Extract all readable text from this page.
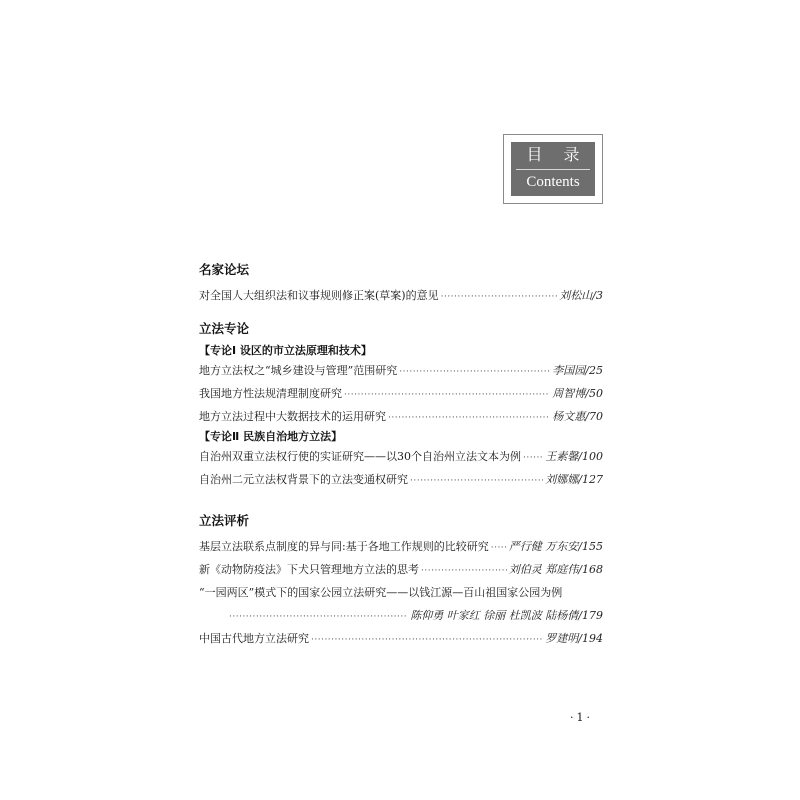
目 录
Contents
名家论坛
对全国人大组织法和议事规则修正案(草案)的意见 ·····	刘松山/3
立法专论
【专论Ⅰ 设区的市立法原理和技术】
地方立法权之“城乡建设与管理”范围研究 ·····	李国园/25
我国地方性法规清理制度研究 ·····	周智博/50
地方立法过程中大数据技术的运用研究 ·····	杨文惠/70
【专论Ⅱ 民族自治地方立法】
自治州双重立法权行使的实证研究——以30个自治州立法文本为例 ····· 王素馨/100
自治州二元立法权背景下的立法变通权研究 ·····	刘娜娜/127
立法评析
基层立法联系点制度的异与同:基于各地工作规则的比较研究 ····· 严行健 万东安/155
新《动物防疫法》下犬只管理地方立法的思考 ·····	刘伯灵 郑庭伟/168
“一园两区”模式下的国家公园立法研究——以钱江源—百山祖国家公园为例
·····
陈仰勇 叶家红 徐丽 杜凯波 陆杨倩/179
中国古代地方立法研究 ·····	罗建明/194
·1·
